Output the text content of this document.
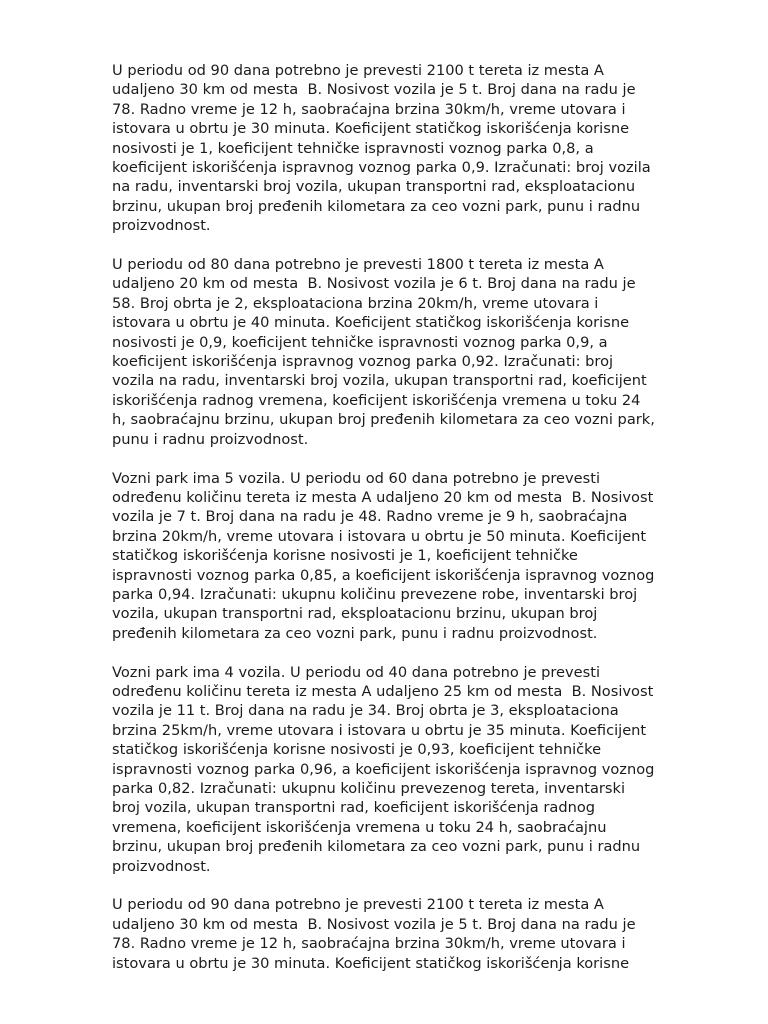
U periodu od 90 dana potrebno je prevesti 2100 t tereta iz mesta A
udaljeno 30 km od mesta  B. Nosivost vozila je 5 t. Broj dana na radu je
78. Radno vreme je 12 h, saobraćajna brzina 30km/h, vreme utovara i
istovara u obrtu je 30 minuta. Koeficijent statičkog iskorišćenja korisne
nosivosti je 1, koeficijent tehničke ispravnosti voznog parka 0,8, a
koeficijent iskorišćenja ispravnog voznog parka 0,9. Izračunati: broj vozila
na radu, inventarski broj vozila, ukupan transportni rad, eksploatacionu
brzinu, ukupan broj pređenih kilometara za ceo vozni park, punu i radnu
proizvodnost.
U periodu od 80 dana potrebno je prevesti 1800 t tereta iz mesta A
udaljeno 20 km od mesta  B. Nosivost vozila je 6 t. Broj dana na radu je
58. Broj obrta je 2, eksploataciona brzina 20km/h, vreme utovara i
istovara u obrtu je 40 minuta. Koeficijent statičkog iskorišćenja korisne
nosivosti je 0,9, koeficijent tehničke ispravnosti voznog parka 0,9, a
koeficijent iskorišćenja ispravnog voznog parka 0,92. Izračunati: broj
vozila na radu, inventarski broj vozila, ukupan transportni rad, koeficijent
iskorišćenja radnog vremena, koeficijent iskorišćenja vremena u toku 24
h, saobraćajnu brzinu, ukupan broj pređenih kilometara za ceo vozni park,
punu i radnu proizvodnost.
Vozni park ima 5 vozila. U periodu od 60 dana potrebno je prevesti
određenu količinu tereta iz mesta A udaljeno 20 km od mesta  B. Nosivost
vozila je 7 t. Broj dana na radu je 48. Radno vreme je 9 h, saobraćajna
brzina 20km/h, vreme utovara i istovara u obrtu je 50 minuta. Koeficijent
statičkog iskorišćenja korisne nosivosti je 1, koeficijent tehničke
ispravnosti voznog parka 0,85, a koeficijent iskorišćenja ispravnog voznog
parka 0,94. Izračunati: ukupnu količinu prevezene robe, inventarski broj
vozila, ukupan transportni rad, eksploatacionu brzinu, ukupan broj
pređenih kilometara za ceo vozni park, punu i radnu proizvodnost.
Vozni park ima 4 vozila. U periodu od 40 dana potrebno je prevesti
određenu količinu tereta iz mesta A udaljeno 25 km od mesta  B. Nosivost
vozila je 11 t. Broj dana na radu je 34. Broj obrta je 3, eksploataciona
brzina 25km/h, vreme utovara i istovara u obrtu je 35 minuta. Koeficijent
statičkog iskorišćenja korisne nosivosti je 0,93, koeficijent tehničke
ispravnosti voznog parka 0,96, a koeficijent iskorišćenja ispravnog voznog
parka 0,82. Izračunati: ukupnu količinu prevezenog tereta, inventarski
broj vozila, ukupan transportni rad, koeficijent iskorišćenja radnog
vremena, koeficijent iskorišćenja vremena u toku 24 h, saobraćajnu
brzinu, ukupan broj pređenih kilometara za ceo vozni park, punu i radnu
proizvodnost.
U periodu od 90 dana potrebno je prevesti 2100 t tereta iz mesta A
udaljeno 30 km od mesta  B. Nosivost vozila je 5 t. Broj dana na radu je
78. Radno vreme je 12 h, saobraćajna brzina 30km/h, vreme utovara i
istovara u obrtu je 30 minuta. Koeficijent statičkog iskorišćenja korisne
